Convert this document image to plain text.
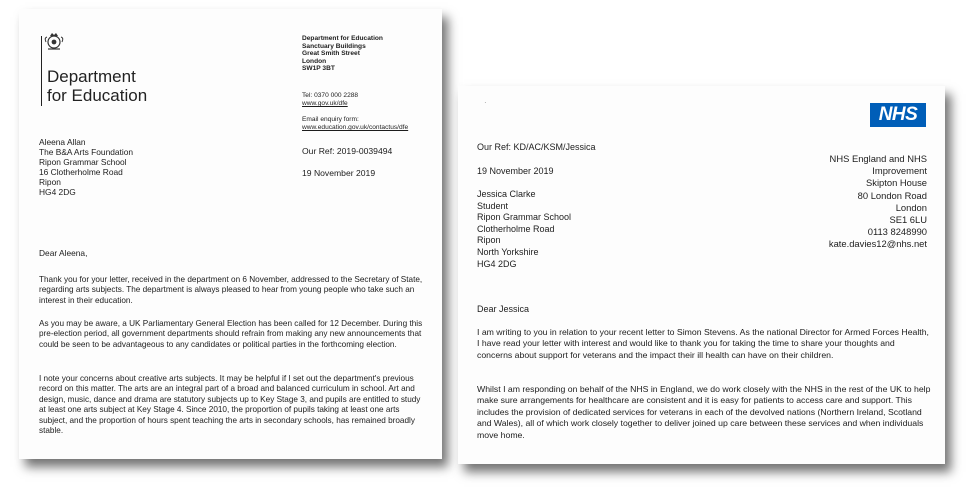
Department
for Education
Department for Education
Sanctuary Buildings
Great Smith Street
London
SW1P 3BT
Tel: 0370 000 2288
www.gov.uk/dfe
Email enquiry form:
www.education.gov.uk/contactus/dfe
Our Ref: 2019-0039494
19 November 2019
Aleena Allan
The B&A Arts Foundation
Ripon Grammar School
16 Clotherholme Road
Ripon
HG4 2DG
Dear Aleena,
Thank you for your letter, received in the department on 6 November, addressed to the Secretary of State, regarding arts subjects. The department is always pleased to hear from young people who take such an interest in their education.
As you may be aware, a UK Parliamentary General Election has been called for 12 December. During this pre-election period, all government departments should refrain from making any new announcements that could be seen to be advantageous to any candidates or political parties in the forthcoming election.
I note your concerns about creative arts subjects. It may be helpful if I set out the department's previous record on this matter. The arts are an integral part of a broad and balanced curriculum in school. Art and design, music, dance and drama are statutory subjects up to Key Stage 3, and pupils are entitled to study at least one arts subject at Key Stage 4. Since 2010, the proportion of pupils taking at least one arts subject, and the proportion of hours spent teaching the arts in secondary schools, has remained broadly stable.
NHS
·
Our Ref: KD/AC/KSM/Jessica
19 November 2019
NHS England and NHS
Improvement
Skipton House
80 London Road
London
SE1 6LU
0113 8248990
kate.davies12@nhs.net
Jessica Clarke
Student
Ripon Grammar School
Clotherholme Road
Ripon
North Yorkshire
HG4 2DG
Dear Jessica
I am writing to you in relation to your recent letter to Simon Stevens. As the national Director for Armed Forces Health, I have read your letter with interest and would like to thank you for taking the time to share your thoughts and concerns about support for veterans and the impact their ill health can have on their children.
Whilst I am responding on behalf of the NHS in England, we do work closely with the NHS in the rest of the UK to help make sure arrangements for healthcare are consistent and it is easy for patients to access care and support. This includes the provision of dedicated services for veterans in each of the devolved nations (Northern Ireland, Scotland and Wales), all of which work closely together to deliver joined up care between these services and when individuals move home.
